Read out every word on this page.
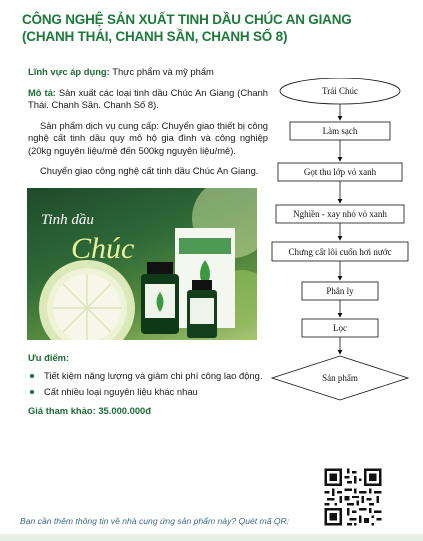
CÔNG NGHỆ SẢN XUẤT TINH DẦU CHÚC AN GIANG (CHANH THÁI, CHANH SẦN, CHANH SỐ 8)

Lĩnh vực áp dụng: Thực phẩm và mỹ phẩm

Mô tả: Sản xuất các loại tinh dầu Chúc An Giang (Chanh Thái. Chanh Sần. Chanh Số 8).

Sản phẩm dịch vụ cung cấp: Chuyển giao thiết bị công nghệ cất tinh dầu quy mô hộ gia đình và công nghiệp (20kg nguyên liệu/mẻ đến 500kg nguyên liệu/mẻ).

Chuyển giao công nghệ cất tinh dầu Chúc An Giang.

Tinh dầu
Chúc
Ưu điểm:
Tiết kiệm năng lượng và giảm chi phí công lao động.
Cất nhiều loại nguyên liệu khác nhau
Giá tham khảo: 35.000.000đ
Trái Chúc
Làm sạch
Gọt thu lớp vỏ xanh
Nghiền - xay nhỏ vỏ xanh
Chưng cất lôi cuốn hơi nước
Phân ly
Lọc
Sản phẩm
Bạn cần thêm thông tin về nhà cung ứng sản phẩm này? Quét mã QR:
